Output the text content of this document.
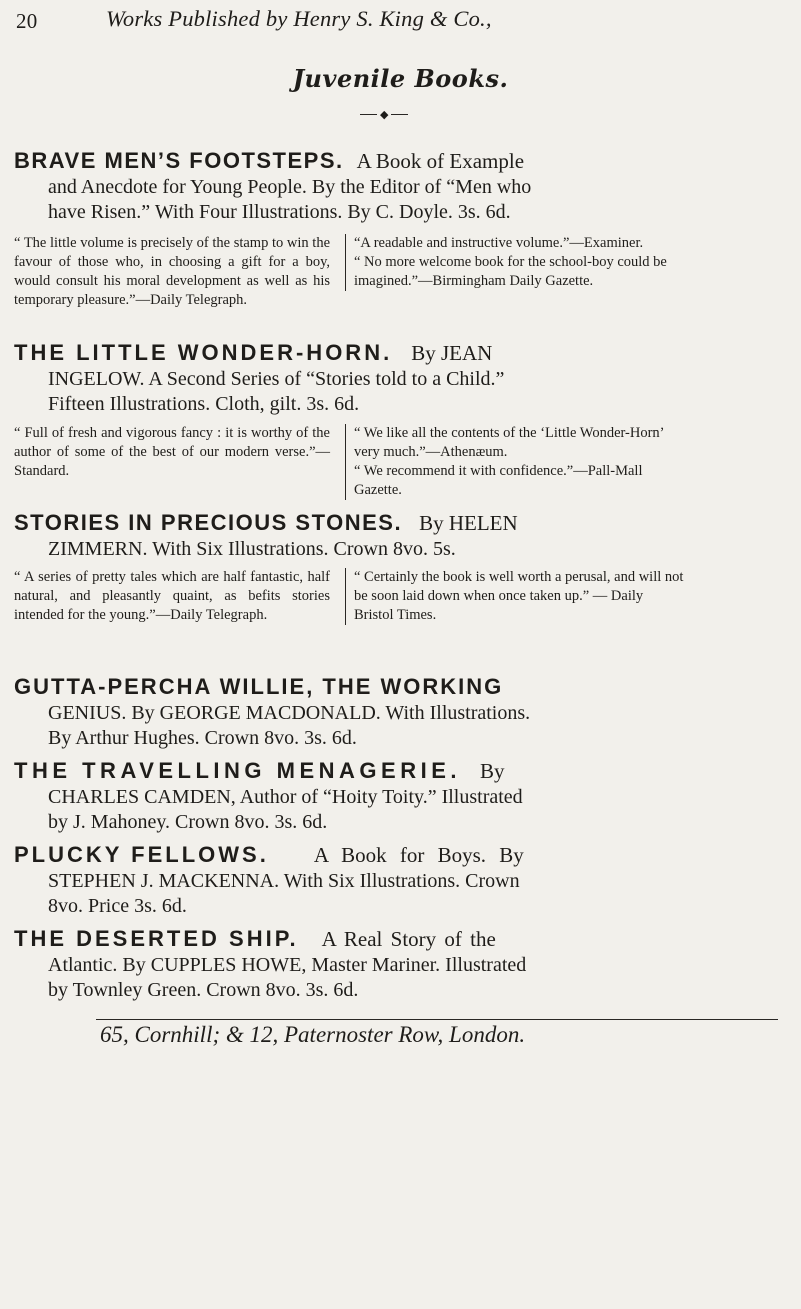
20	Works Published by Henry S. King & Co.,
Juvenile Books.
◆
BRAVE MEN’S FOOTSTEPS. A Book of Example
and Anecdote for Young People. By the Editor of “Men who
have Risen.” With Four Illustrations. By C. Doyle. 3s. 6d.
“ The little volume is precisely of the stamp to win the favour of those who, in choosing a gift for a boy, would consult his moral development as well as his temporary pleasure.”—Daily Telegraph.
“A readable and instructive volume.”—Examiner.
“ No more welcome book for the school-boy could be imagined.”—Birmingham Daily Gazette.
THE LITTLE WONDER-HORN. By JEAN
INGELOW. A Second Series of “Stories told to a Child.”
Fifteen Illustrations. Cloth, gilt. 3s. 6d.
“ Full of fresh and vigorous fancy : it is worthy of the author of some of the best of our modern verse.”—Standard.
“ We like all the contents of the ‘Little Wonder-Horn’ very much.”—Athenæum.
“ We recommend it with confidence.”—Pall-Mall Gazette.
STORIES IN PRECIOUS STONES. By HELEN
ZIMMERN. With Six Illustrations. Crown 8vo. 5s.
“ A series of pretty tales which are half fantastic, half natural, and pleasantly quaint, as befits stories intended for the young.”—Daily Telegraph.
“ Certainly the book is well worth a perusal, and will not be soon laid down when once taken up.” — Daily Bristol Times.
GUTTA-PERCHA WILLIE, THE WORKING
GENIUS. By GEORGE MACDONALD. With Illustrations.
By Arthur Hughes. Crown 8vo. 3s. 6d.
THE TRAVELLING MENAGERIE. By
CHARLES CAMDEN, Author of “Hoity Toity.” Illustrated
by J. Mahoney. Crown 8vo. 3s. 6d.
PLUCKY FELLOWS. A Book for Boys. By
STEPHEN J. MACKENNA. With Six Illustrations. Crown
8vo. Price 3s. 6d.
THE DESERTED SHIP. A Real Story of the
Atlantic. By CUPPLES HOWE, Master Mariner. Illustrated
by Townley Green. Crown 8vo. 3s. 6d.
65, Cornhill; & 12, Paternoster Row, London.
